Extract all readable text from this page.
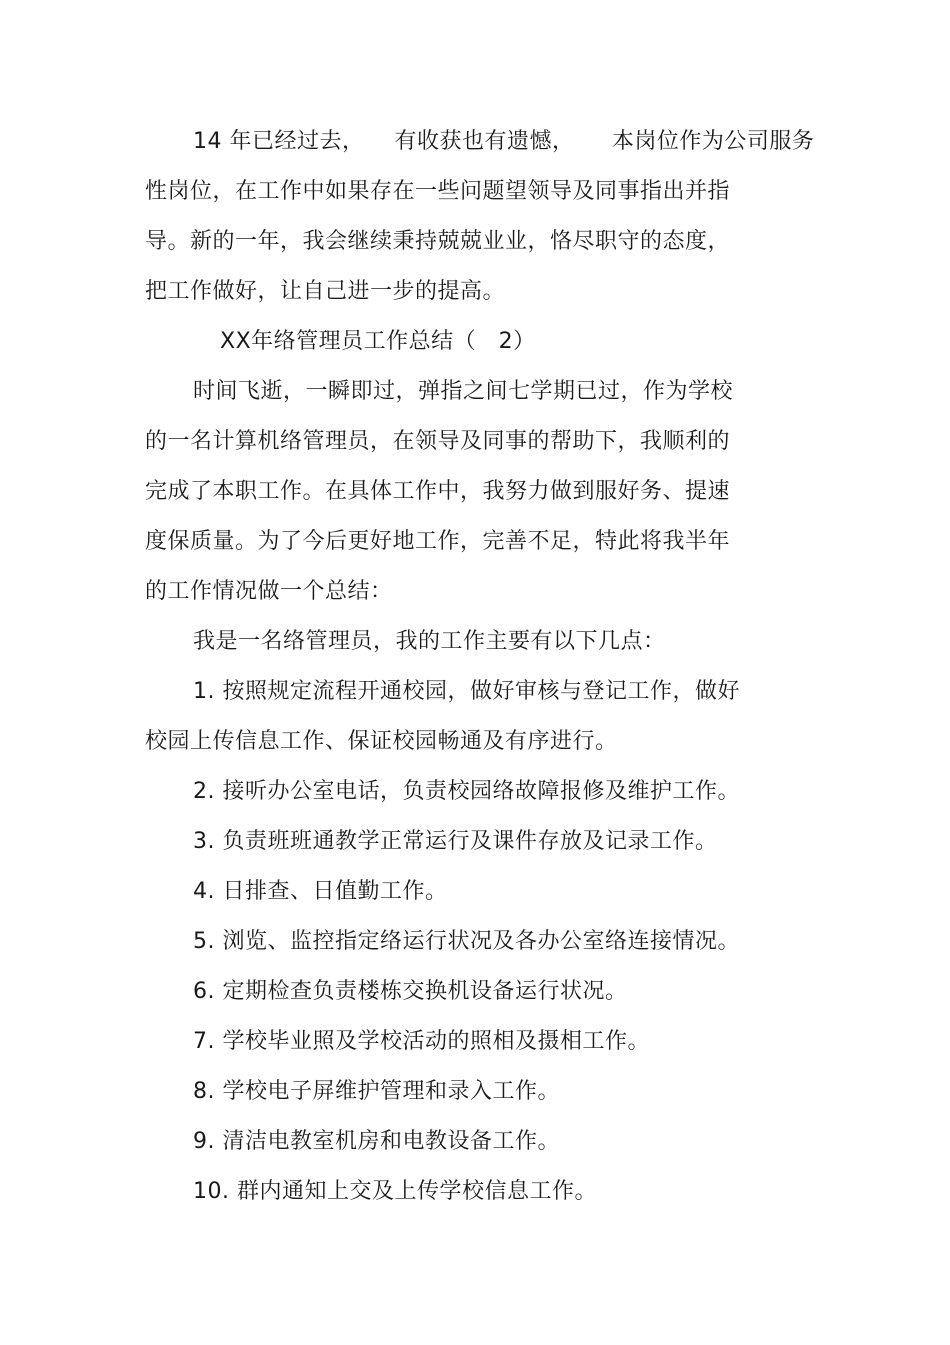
14 年已经过去，    有收获也有遗憾，     本岗位作为公司服务
性岗位，在工作中如果存在一些问题望领导及同事指出并指
导。新的一年，我会继续秉持兢兢业业，恪尽职守的态度，
把工作做好，让自己进一步的提高。
XX年络管理员工作总结（   2）
时间飞逝，一瞬即过，弹指之间七学期已过，作为学校
的一名计算机络管理员，在领导及同事的帮助下，我顺利的
完成了本职工作。在具体工作中，我努力做到服好务、提速
度保质量。为了今后更好地工作，完善不足，特此将我半年
的工作情况做一个总结：
我是一名络管理员，我的工作主要有以下几点：
1. 按照规定流程开通校园，做好审核与登记工作，做好
校园上传信息工作、保证校园畅通及有序进行。
2. 接听办公室电话，负责校园络故障报修及维护工作。
3. 负责班班通教学正常运行及课件存放及记录工作。
4. 日排查、日值勤工作。
5. 浏览、监控指定络运行状况及各办公室络连接情况。
6. 定期检查负责楼栋交换机设备运行状况。
7. 学校毕业照及学校活动的照相及摄相工作。
8. 学校电子屏维护管理和录入工作。
9. 清洁电教室机房和电教设备工作。
10. 群内通知上交及上传学校信息工作。
